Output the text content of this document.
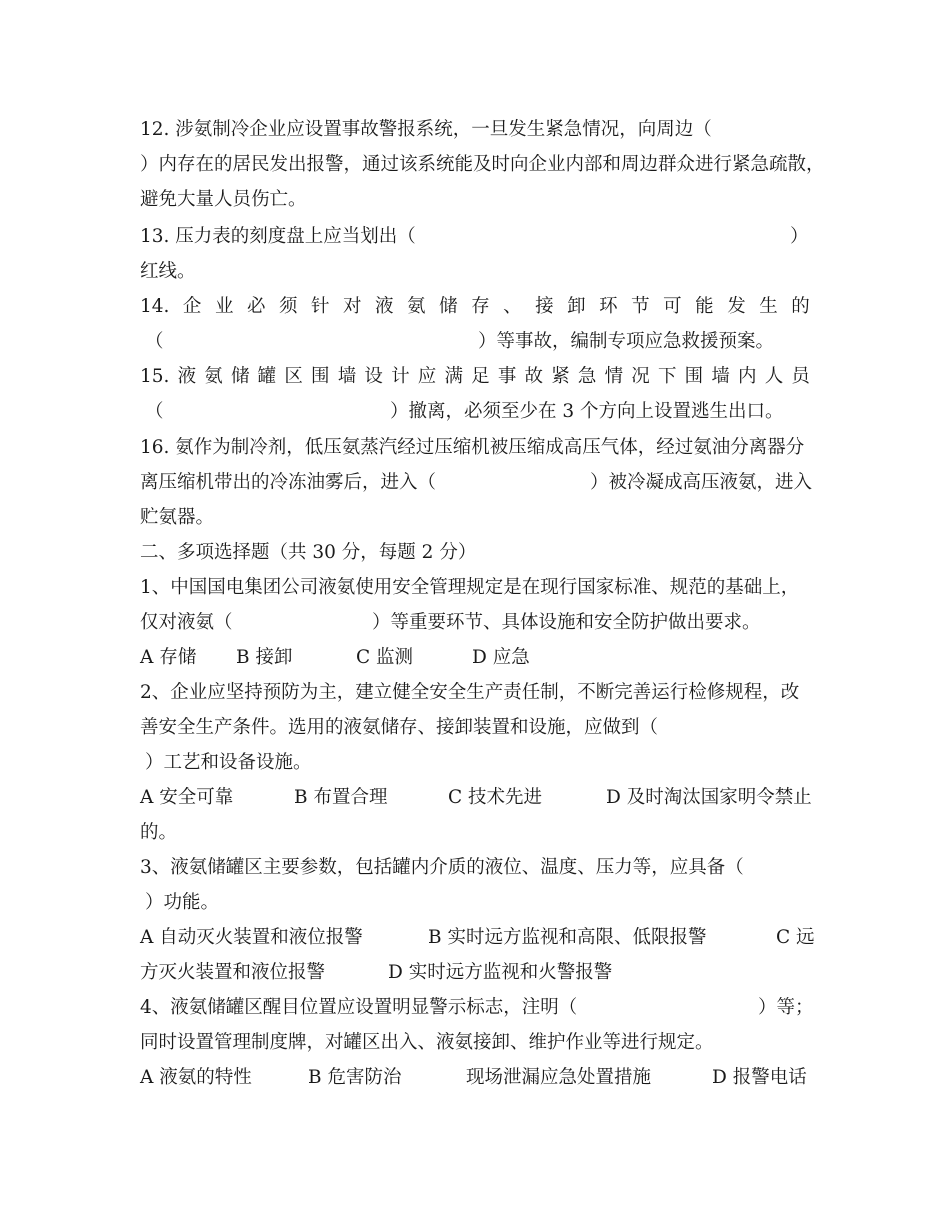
12. 涉氨制冷企业应设置事故警报系统，一旦发生紧急情况，向周边（
）内存在的居民发出报警，通过该系统能及时向企业内部和周边群众进行紧急疏散，
避免大量人员伤亡。
13. 压力表的刻度盘上应当划出（	）
红线。
14. 企 业 必 须 针 对 液 氨 储 存 、 接 卸 环 节 可 能 发 生 的
（	）等事故，编制专项应急救援预案。
15. 液 氨 储 罐 区 围 墙 设 计 应 满 足 事 故 紧 急 情 况 下 围 墙 内 人 员
（	）撤离，必须至少在 3 个方向上设置逃生出口。
16. 氨作为制冷剂，低压氨蒸汽经过压缩机被压缩成高压气体，经过氨油分离器分
离压缩机带出的冷冻油雾后，进入（	）被冷凝成高压液氨，进入
贮氨器。
二、多项选择题（共 30 分，每题 2 分）
1、中国国电集团公司液氨使用安全管理规定是在现行国家标准、规范的基础上，
仅对液氨（	）等重要环节、具体设施和安全防护做出要求。

A 存储

B 接卸

	C 监测

	D 应急

2、企业应坚持预防为主，建立健全安全生产责任制，不断完善运行检修规程，改
善安全生产条件。选用的液氨储存、接卸装置和设施，应做到（
）工艺和设备设施。

A 安全可靠

	B 布置合理

	C 技术先进

	D 及时淘汰国家明令禁止

的。
3、液氨储罐区主要参数，包括罐内介质的液位、温度、压力等，应具备（
）功能。

A 自动灭火装置和液位报警

	B 实时远方监视和高限、低限报警

	C 远

方灭火装置和液位报警

	D 实时远方监视和火警报警

4、液氨储罐区醒目位置应设置明显警示标志，注明（	）等；
同时设置管理制度牌，对罐区出入、液氨接卸、维护作业等进行规定。

A 液氨的特性

	B 危害防治

	现场泄漏应急处置措施

	D 报警电话
